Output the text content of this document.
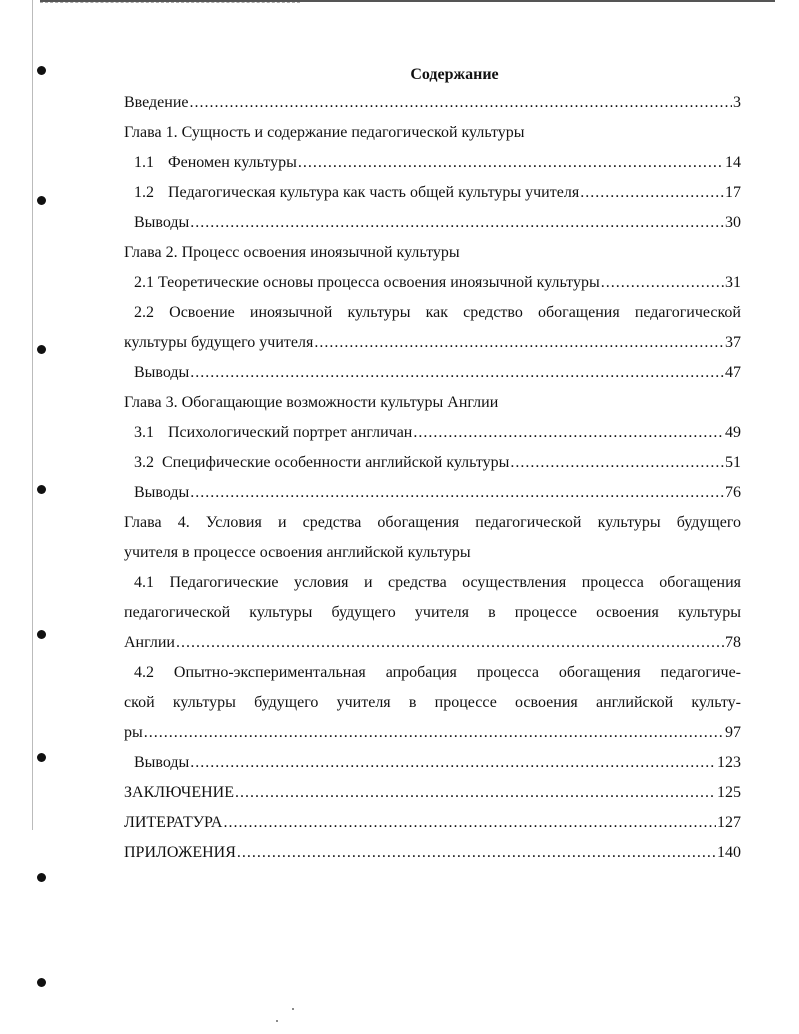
Содержание
Введение .....	3
Глава 1. Сущность и содержание педагогической культуры
1.1 Феномен культуры .....	14
1.2 Педагогическая культура как часть общей культуры учителя .....	17
Выводы .....	30
Глава 2. Процесс освоения иноязычной культуры
2.1 Теоретические основы процесса освоения иноязычной культуры .....	31
2.2 Освоение иноязычной культуры как средство обогащения педагогической
культуры будущего учителя .....	37
Выводы .....	47
Глава 3. Обогащающие возможности культуры Англии
3.1 Психологический портрет англичан .....	49
3.2 Специфические особенности английской культуры .....	51
Выводы .....	76
Глава 4. Условия и средства обогащения педагогической культуры будущего
учителя в процессе освоения английской культуры
4.1 Педагогические условия и средства осуществления процесса обогащения
педагогической культуры будущего учителя в процессе освоения культуры
Англии .....	78
4.2 Опытно-экспериментальная апробация процесса обогащения педагогиче-
ской культуры будущего учителя в процессе освоения английской культу-
ры .....	97
Выводы .....	123
ЗАКЛЮЧЕНИЕ .....	125
ЛИТЕРАТУРА .....	127
ПРИЛОЖЕНИЯ .....	140
